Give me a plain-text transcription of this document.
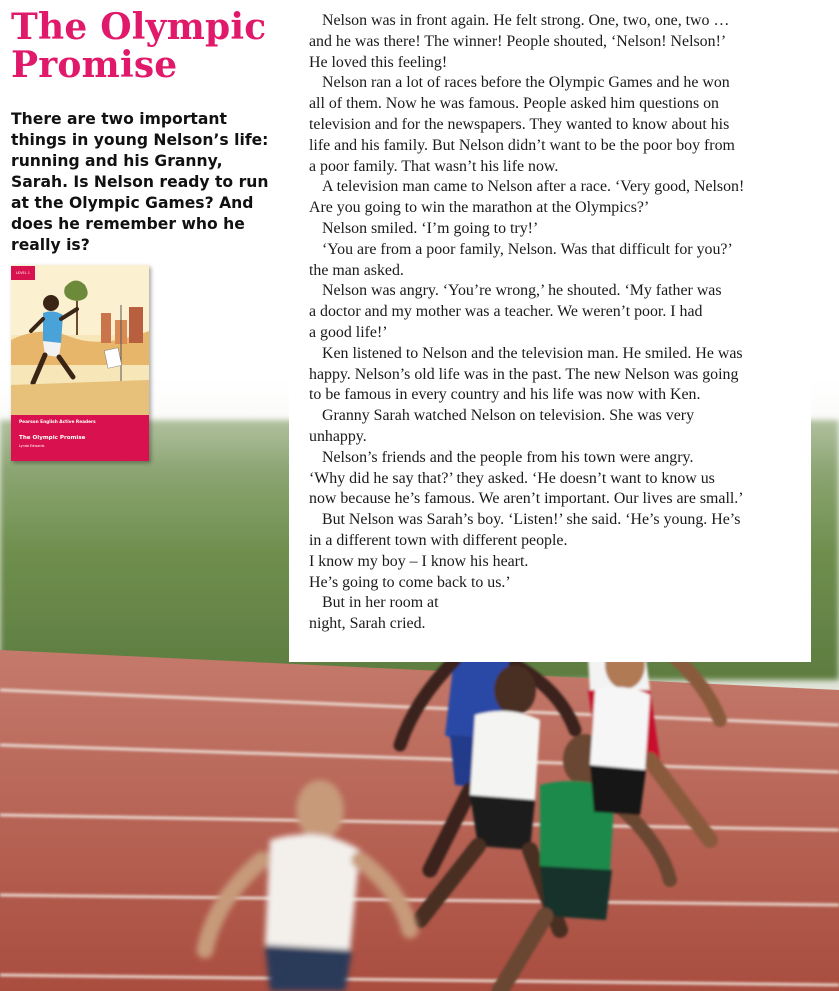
The Olympic
Promise

There are two important things in young Nelson’s life: running and his Granny, Sarah. Is Nelson ready to run at the Olympic Games? And does he remember who he really is?

LEVEL 1
Pearson English Active Readers
The Olympic Promise
Lynda Edwards
Nelson was in front again. He felt strong. One, two, one, two …
and he was there! The winner! People shouted, ‘Nelson! Nelson!’
He loved this feeling!
Nelson ran a lot of races before the Olympic Games and he won
all of them. Now he was famous. People asked him questions on
television and for the newspapers. They wanted to know about his
life and his family. But Nelson didn’t want to be the poor boy from
a poor family. That wasn’t his life now.
A television man came to Nelson after a race. ‘Very good, Nelson!
Are you going to win the marathon at the Olympics?’
Nelson smiled. ‘I’m going to try!’
‘You are from a poor family, Nelson. Was that difficult for you?’
the man asked.
Nelson was angry. ‘You’re wrong,’ he shouted. ‘My father was
a doctor and my mother was a teacher. We weren’t poor. I had
a good life!’
Ken listened to Nelson and the television man. He smiled. He was
happy. Nelson’s old life was in the past. The new Nelson was going
to be famous in every country and his life was now with Ken.
Granny Sarah watched Nelson on television. She was very
unhappy.
Nelson’s friends and the people from his town were angry.
‘Why did he say that?’ they asked. ‘He doesn’t want to know us
now because he’s famous. We aren’t important. Our lives are small.’
But Nelson was Sarah’s boy. ‘Listen!’ she said. ‘He’s young. He’s
in a different town with different people.
I know my boy – I know his heart.
He’s going to come back to us.’
But in her room at
night, Sarah cried.
